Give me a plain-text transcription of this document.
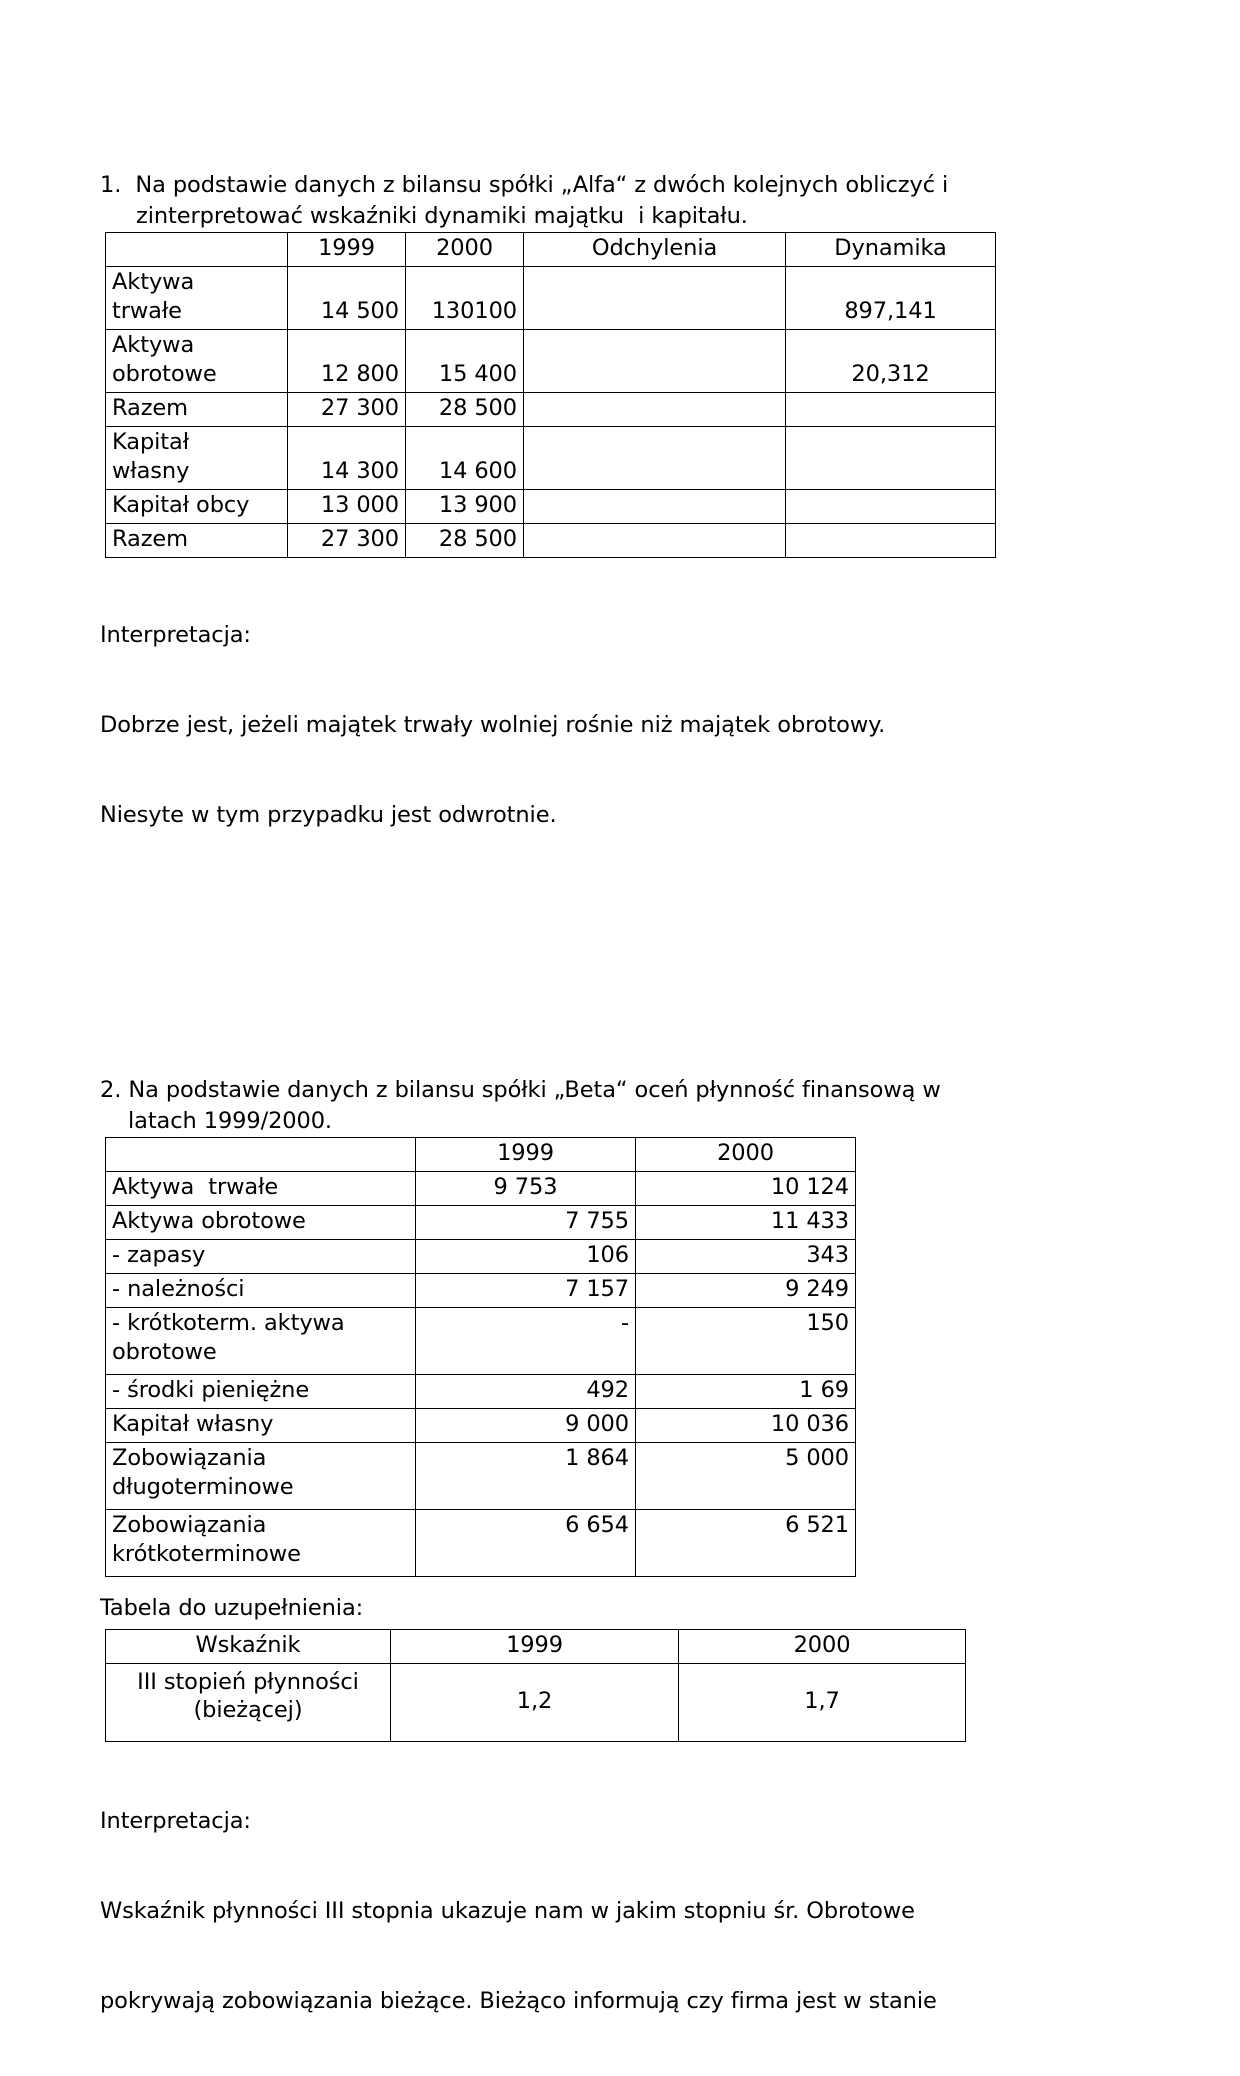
1. Na podstawie danych z bilansu spółki „Alfa“ z dwóch kolejnych obliczyć i
zinterpretować wskaźniki dynamiki majątku  i kapitału.
	1999	2000	Odchylenia	Dynamika
Aktywa
trwałe	14 500	130100		897,141
Aktywa
obrotowe	12 800	15 400		20,312
Razem	27 300	28 500		
Kapitał
własny	14 300	14 600		
Kapitał obcy	13 000	13 900		
Razem	27 300	28 500		

Interpretacja:

Dobrze jest, jeżeli majątek trwały wolniej rośnie niż majątek obrotowy.

Niesyte w tym przypadku jest odwrotnie.

2. Na podstawie danych z bilansu spółki „Beta“ oceń płynność finansową w
latach 1999/2000.
	1999	2000
Aktywa  trwałe	9 753	10 124
Aktywa obrotowe	7 755	11 433
- zapasy	106	343
- należności	7 157	9 249
- krótkoterm. aktywa
obrotowe	-	150
- środki pieniężne	492	1 69
Kapitał własny	9 000	10 036
Zobowiązania
długoterminowe	1 864	5 000
Zobowiązania
krótkoterminowe	6 654	6 521
Tabela do uzupełnienia:
Wskaźnik	1999	2000
III stopień płynności
(bieżącej)	1,2	1,7

Interpretacja:

Wskaźnik płynności III stopnia ukazuje nam w jakim stopniu śr. Obrotowe

pokrywają zobowiązania bieżące. Bieżąco informują czy firma jest w stanie
